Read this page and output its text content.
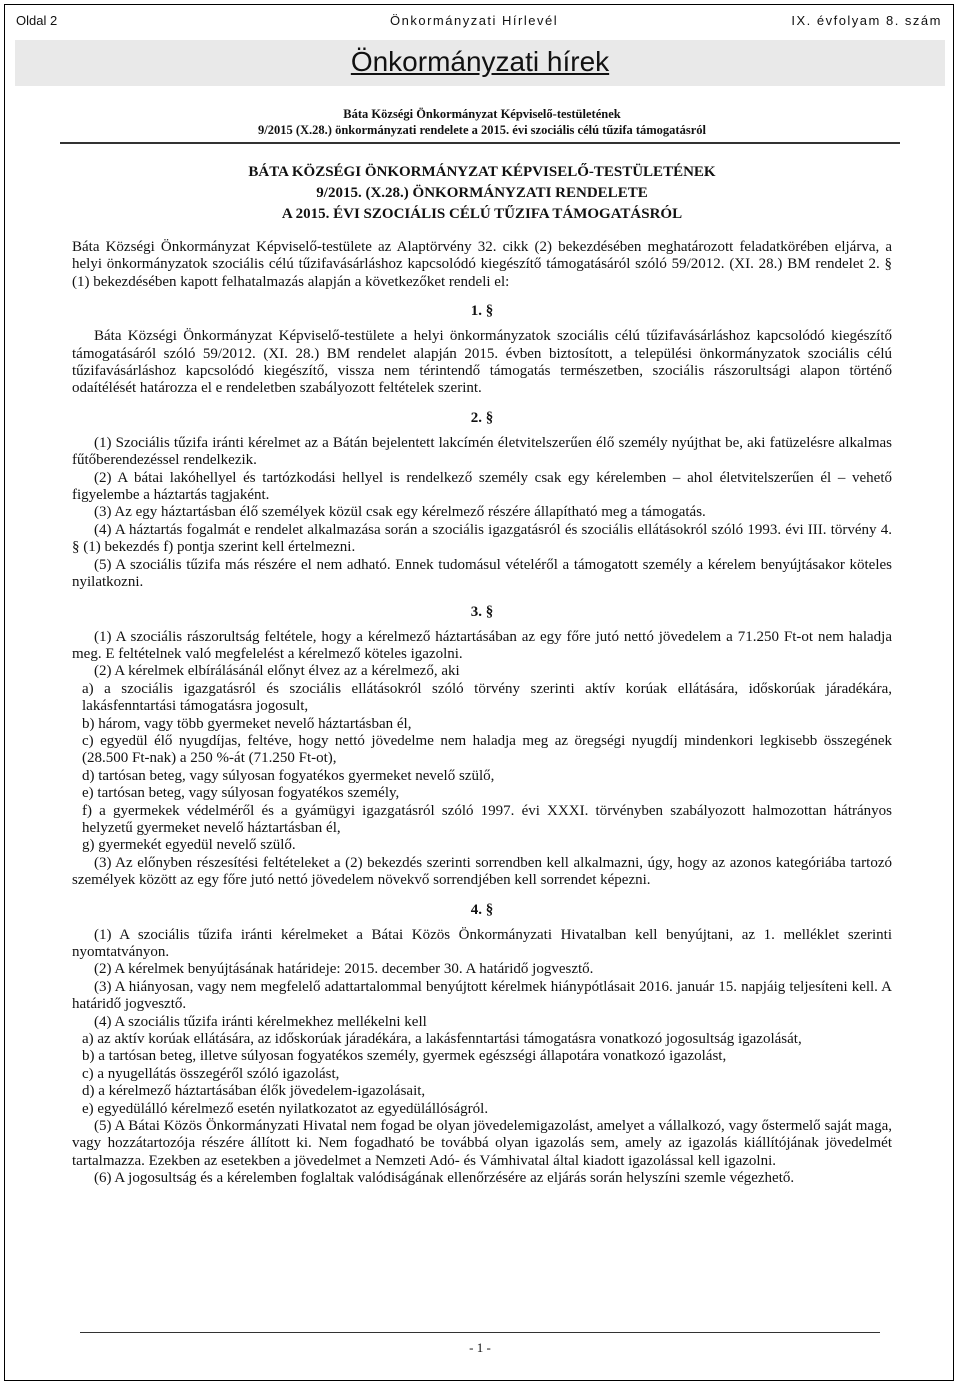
Oldal 2	Önkormányzati Hírlevél	IX. évfolyam 8. szám
Önkormányzati hírek
Báta Községi Önkormányzat Képviselő-testületének
9/2015 (X.28.) önkormányzati rendelete a 2015. évi szociális célú tűzifa támogatásról
BÁTA KÖZSÉGI ÖNKORMÁNYZAT KÉPVISELŐ-TESTÜLETÉNEK
9/2015. (X.28.) ÖNKORMÁNYZATI RENDELETE
A 2015. ÉVI SZOCIÁLIS CÉLÚ TŰZIFA TÁMOGATÁSRÓL

Báta Községi Önkormányzat Képviselő-testülete az Alaptörvény 32. cikk (2) bekezdésében meghatározott feladatkörében eljárva, a helyi önkormányzatok szociális célú tűzifavásárláshoz kapcsolódó kiegészítő támogatásáról szóló 59/2012. (XI. 28.) BM rendelet 2. § (1) bekezdésében kapott felhatalmazás alapján a következőket rendeli el:

1. §

Báta Községi Önkormányzat Képviselő-testülete a helyi önkormányzatok szociális célú tűzifavásárláshoz kapcsolódó kiegészítő támogatásáról szóló 59/2012. (XI. 28.) BM rendelet alapján 2015. évben biztosított, a települési önkormányzatok szociális célú tűzifavásárláshoz kapcsolódó kiegészítő, vissza nem térintendő támogatás természetben, szociális rászorultsági alapon történő odaítélését határozza el e rendeletben szabályozott feltételek szerint.

2. §

(1) Szociális tűzifa iránti kérelmet az a Bátán bejelentett lakcímén életvitelszerűen élő személy nyújthat be, aki fatüzelésre alkalmas fűtőberendezéssel rendelkezik.

(2) A bátai lakóhellyel és tartózkodási hellyel is rendelkező személy csak egy kérelemben – ahol életvitelszerűen él – vehető figyelembe a háztartás tagjaként.

(3) Az egy háztartásban élő személyek közül csak egy kérelmező részére állapítható meg a támogatás.

(4) A háztartás fogalmát e rendelet alkalmazása során a szociális igazgatásról és szociális ellátásokról szóló 1993. évi III. törvény 4. § (1) bekezdés f) pontja szerint kell értelmezni.

(5) A szociális tűzifa más részére el nem adható. Ennek tudomásul vételéről a támogatott személy a kérelem benyújtásakor köteles nyilatkozni.

3. §

(1) A szociális rászorultság feltétele, hogy a kérelmező háztartásában az egy főre jutó nettó jövedelem a 71.250 Ft-ot nem haladja meg. E feltételnek való megfelelést a kérelmező köteles igazolni.

(2) A kérelmek elbírálásánál előnyt élvez az a kérelmező, aki

a) a szociális igazgatásról és szociális ellátásokról szóló törvény szerinti aktív korúak ellátására, időskorúak járadékára, lakásfenntartási támogatásra jogosult,

b) három, vagy több gyermeket nevelő háztartásban él,

c) egyedül élő nyugdíjas, feltéve, hogy nettó jövedelme nem haladja meg az öregségi nyugdíj mindenkori legkisebb összegének (28.500 Ft-nak) a 250 %-át (71.250 Ft-ot),

d) tartósan beteg, vagy súlyosan fogyatékos gyermeket nevelő szülő,

e) tartósan beteg, vagy súlyosan fogyatékos személy,

f) a gyermekek védelméről és a gyámügyi igazgatásról szóló 1997. évi XXXI. törvényben szabályozott halmozottan hátrányos helyzetű gyermeket nevelő háztartásban él,

g) gyermekét egyedül nevelő szülő.

(3) Az előnyben részesítési feltételeket a (2) bekezdés szerinti sorrendben kell alkalmazni, úgy, hogy az azonos kategóriába tartozó személyek között az egy főre jutó nettó jövedelem növekvő sorrendjében kell sorrendet képezni.

4. §

(1) A szociális tűzifa iránti kérelmeket a Bátai Közös Önkormányzati Hivatalban kell benyújtani, az 1. melléklet szerinti nyomtatványon.

(2) A kérelmek benyújtásának határideje: 2015. december 30. A határidő jogvesztő.

(3) A hiányosan, vagy nem megfelelő adattartalommal benyújtott kérelmek hiánypótlásait 2016. január 15. napjáig teljesíteni kell. A határidő jogvesztő.

(4) A szociális tűzifa iránti kérelmekhez mellékelni kell

a) az aktív korúak ellátására, az időskorúak járadékára, a lakásfenntartási támogatásra vonatkozó jogosultság igazolását,

b) a tartósan beteg, illetve súlyosan fogyatékos személy, gyermek egészségi állapotára vonatkozó igazolást,

c) a nyugellátás összegéről szóló igazolást,

d) a kérelmező háztartásában élők jövedelem-igazolásait,

e) egyedülálló kérelmező esetén nyilatkozatot az egyedülállóságról.

(5) A Bátai Közös Önkormányzati Hivatal nem fogad be olyan jövedelemigazolást, amelyet a vállalkozó, vagy őstermelő saját maga, vagy hozzátartozója részére állított ki. Nem fogadható be továbbá olyan igazolás sem, amely az igazolás kiállítójának jövedelmét tartalmazza. Ezekben az esetekben a jövedelmet a Nemzeti Adó- és Vámhivatal által kiadott igazolással kell igazolni.

(6) A jogosultság és a kérelemben foglaltak valódiságának ellenőrzésére az eljárás során helyszíni szemle végezhető.

- 1 -
